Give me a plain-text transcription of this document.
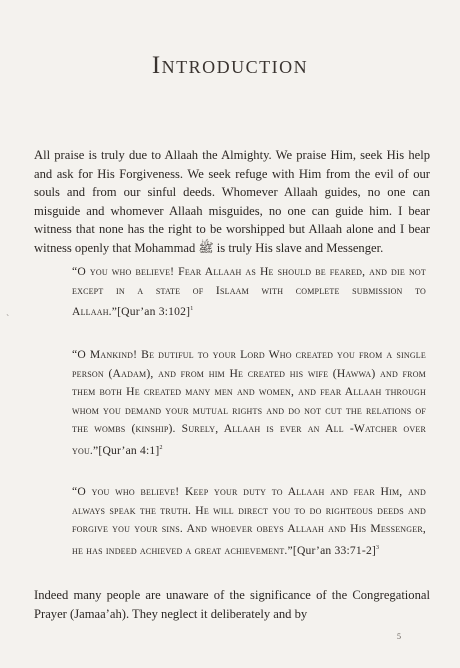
Introduction
All praise is truly due to Allaah the Almighty. We praise Him, seek His help and ask for His Forgiveness. We seek refuge with Him from the evil of our souls and from our sinful deeds. Whomever Allaah guides, no one can misguide and whomever Allaah misguides, no one can guide him. I bear witness that none has the right to be worshipped but Allaah alone and I bear witness openly that Mohammad ﷺ is truly His slave and Messenger.
“O you who believe! Fear Allaah as He should be feared, and die not except in a state of Islaam with complete submission to Allaah.”[Qur’an 3:102]$^1$
“O Mankind! Be dutiful to your Lord Who created you from a single person (Aadam), and from him He created his wife (Hawwa) and from them both He created many men and women, and fear Allaah through whom you demand your mutual rights and do not cut the relations of the wombs (kinship). Surely, Allaah is ever an All -Watcher over you.”[Qur’an 4:1]$^2$
“O you who believe! Keep your duty to Allaah and fear Him, and always speak the truth. He will direct you to do righteous deeds and forgive you your sins. And whoever obeys Allaah and His Messenger, he has indeed achieved a great achievement.”[Qur’an 33:71-2]$^3$
Indeed many people are unaware of the significance of the Congregational Prayer (Jamaa’ah). They neglect it deliberately and by
ˋ
5
